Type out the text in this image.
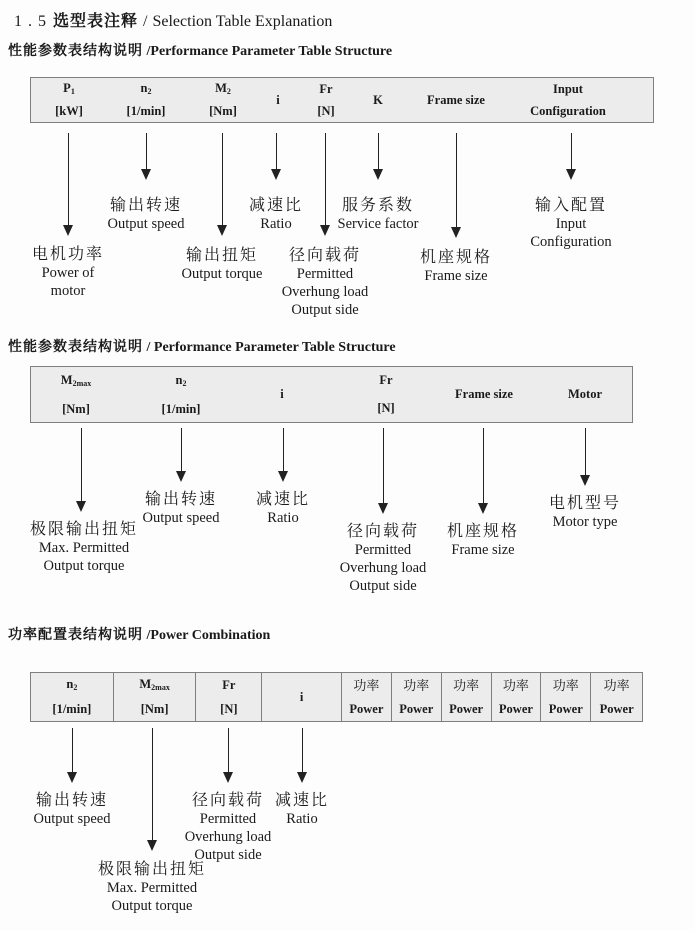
1 . 5 选型表注释 / Selection Table Explanation
性能参数表结构说明 /Performance Parameter Table Structure
性能参数表结构说明 / Performance Parameter Table Structure
功率配置表结构说明 /Power Combination
$P_1$
[kW]
$n_2$
[1/min]
$M_2$
[Nm]
i
Fr
[N]
K	Frame size
Input
Configuration
电机功率
Power of
motor
输出转速
Output speed
输出扭矩
Output torque
减速比
Ratio
径向载荷
Permitted
Overhung load
Output side
服务系数
Service factor
机座规格
Frame size
输入配置
Input
Configuration
$M_{2max}$
[Nm]
$n_2$
[1/min]
i
Fr
[N]
Frame size	Motor
极限输出扭矩
Max. Permitted
Output torque
输出转速
Output speed
减速比
Ratio
径向载荷
Permitted
Overhung load
Output side
机座规格
Frame size
电机型号
Motor type
$n_2$
[1/min]
$M_{2max}$
[Nm]
Fr
[N]
i
功率
Power
功率
Power
功率
Power
功率
Power
功率
Power
功率
Power
输出转速
Output speed
极限输出扭矩
Max. Permitted
Output torque
径向载荷
Permitted
Overhung load
Output side
减速比
Ratio
